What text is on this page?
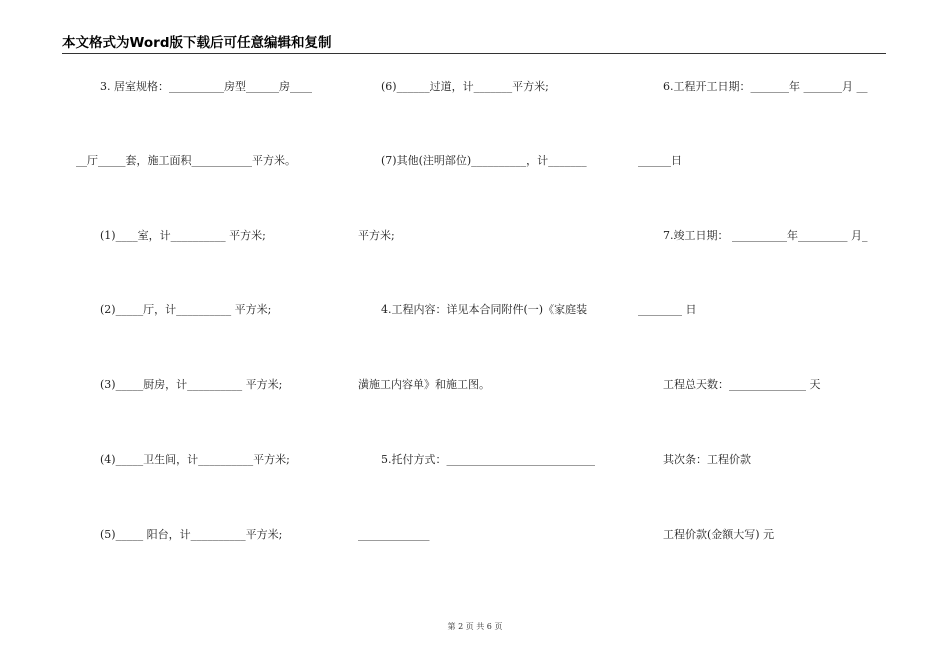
本文格式为Word版下载后可任意编辑和复制
3. 居室规格：__________房型______房____
__厅_____套，施工面积___________平方米。
(1)____室，计__________ 平方米;
(2)_____厅，计__________ 平方米;
(3)_____厨房，计__________ 平方米;
(4)_____卫生间，计__________平方米;
(5)_____ 阳台，计__________平方米;
(6)______过道，计_______平方米;
(7)其他(注明部位)__________，计_______
平方米;
4.工程内容：详见本合同附件(一)《家庭装
潢施工内容单》和施工图。
5.托付方式：___________________________
_____________
6.工程开工日期：_______年 _______月 __
______日
7.竣工日期： __________年_________ 月_
________ 日
工程总天数：______________ 天
其次条：工程价款
工程价款(金额大写) 元
第 2 页 共 6 页
